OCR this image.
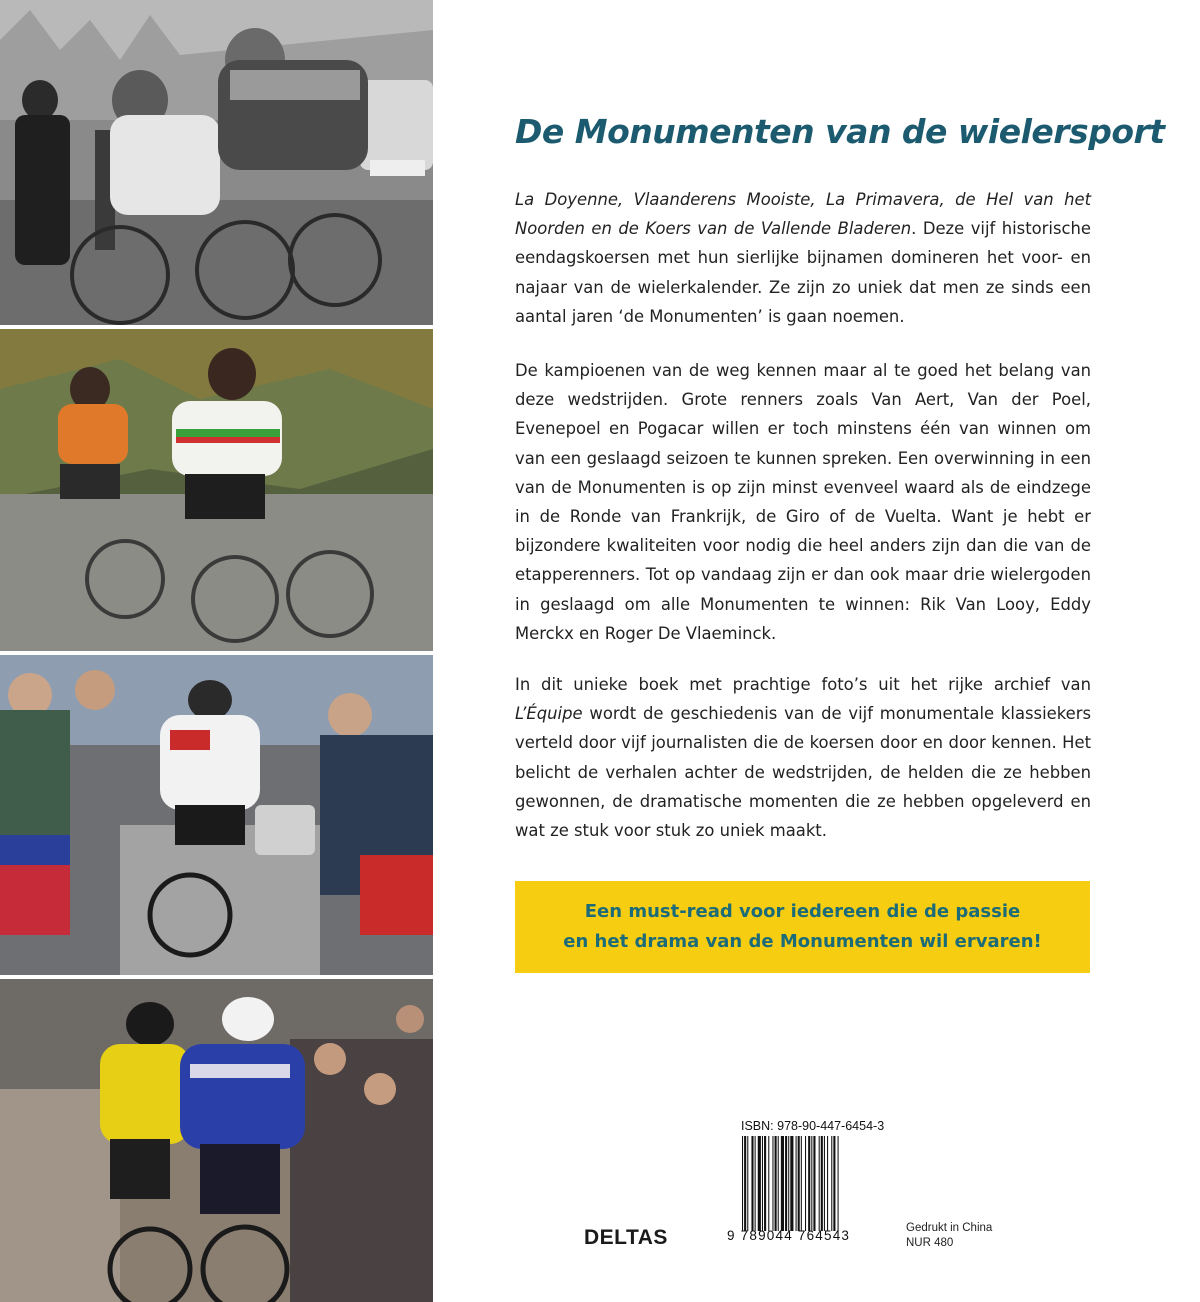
De Monumenten van de wielersport

La Doyenne, Vlaanderens Mooiste, La Primavera, de Hel van het Noorden en de Koers van de Vallende Bladeren. Deze vijf historische eendagskoersen met hun sierlijke bijnamen domineren het voor- en najaar van de wielerkalender. Ze zijn zo uniek dat men ze sinds een aantal jaren ‘de Monumenten’ is gaan noemen.

De kampioenen van de weg kennen maar al te goed het belang van deze wedstrijden. Grote renners zoals Van Aert, Van der Poel, Evenepoel en Pogacar willen er toch minstens één van winnen om van een geslaagd seizoen te kunnen spreken. Een overwinning in een van de Monumenten is op zijn minst evenveel waard als de eindzege in de Ronde van Frankrijk, de Giro of de Vuelta. Want je hebt er bijzondere kwaliteiten voor nodig die heel anders zijn dan die van de etapperenners. Tot op vandaag zijn er dan ook maar drie wielergoden in geslaagd om alle Monumenten te winnen: Rik Van Looy, Eddy Merckx en Roger De Vlaeminck.

In dit unieke boek met prachtige foto’s uit het rijke archief van L’Équipe wordt de geschiedenis van de vijf monumentale klassiekers verteld door vijf journalisten die de koersen door en door kennen. Het belicht de verhalen achter de wedstrijden, de helden die ze hebben gewonnen, de dramatische momenten die ze hebben opgeleverd en wat ze stuk voor stuk zo uniek maakt.

Een must-read voor iedereen die de passie
en het drama van de Monumenten wil ervaren!
ISBN: 978-90-447-6454-3
9 789044 764543
DELTAS	Gedrukt in China
NUR 480
